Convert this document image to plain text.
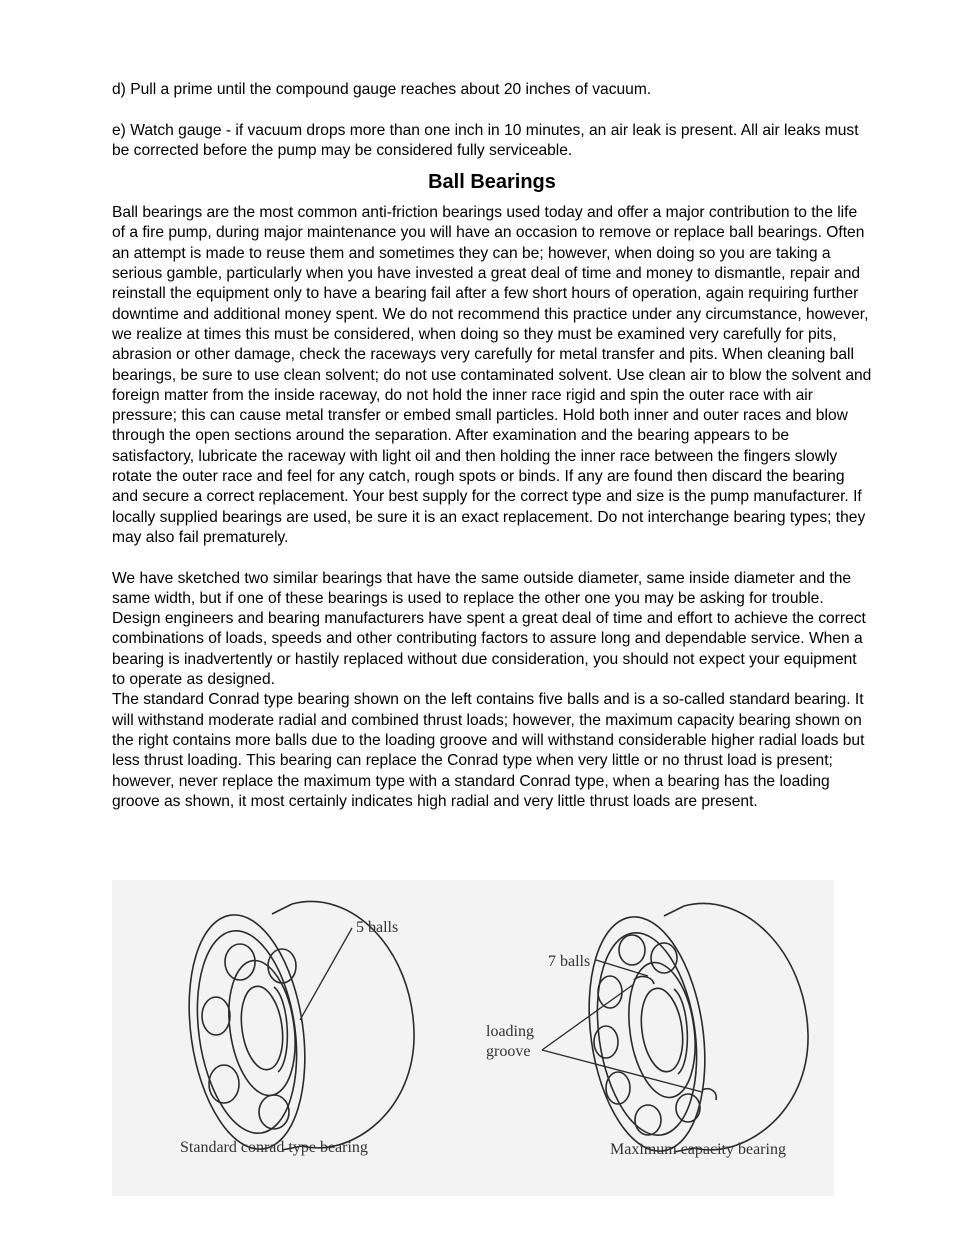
d) Pull a prime until the compound gauge reaches about 20 inches of vacuum.

e) Watch gauge - if vacuum drops more than one inch in 10 minutes, an air leak is present. All air leaks must be corrected before the pump may be considered fully serviceable.

Ball Bearings

Ball bearings are the most common anti-friction bearings used today and offer a major contribution to the life of a fire pump, during major maintenance you will have an occasion to remove or replace ball bearings. Often an attempt is made to reuse them and sometimes they can be; however, when doing so you are taking a serious gamble, particularly when you have invested a great deal of time and money to dismantle, repair and reinstall the equipment only to have a bearing fail after a few short hours of operation, again requiring further downtime and additional money spent. We do not recommend this practice under any circumstance, however, we realize at times this must be considered, when doing so they must be examined very carefully for pits, abrasion or other damage, check the raceways very carefully for metal transfer and pits. When cleaning ball bearings, be sure to use clean solvent; do not use contaminated solvent. Use clean air to blow the solvent and foreign matter from the inside raceway, do not hold the inner race rigid and spin the outer race with air pressure; this can cause metal transfer or embed small particles. Hold both inner and outer races and blow through the open sections around the separation. After examination and the bearing appears to be satisfactory, lubricate the raceway with light oil and then holding the inner race between the fingers slowly rotate the outer race and feel for any catch, rough spots or binds. If any are found then discard the bearing and secure a correct replacement. Your best supply for the correct type and size is the pump manufacturer. If locally supplied bearings are used, be sure it is an exact replacement. Do not interchange bearing types; they may also fail prematurely.

We have sketched two similar bearings that have the same outside diameter, same inside diameter and the same width, but if one of these bearings is used to replace the other one you may be asking for trouble. Design engineers and bearing manufacturers have spent a great deal of time and effort to achieve the correct combinations of loads, speeds and other contributing factors to assure long and dependable service. When a bearing is inadvertently or hastily replaced without due consideration, you should not expect your equipment to operate as designed.

The standard Conrad type bearing shown on the left contains five balls and is a so-called standard bearing. It will withstand moderate radial and combined thrust loads; however, the maximum capacity bearing shown on the right contains more balls due to the loading groove and will withstand considerable higher radial loads but less thrust loading. This bearing can replace the Conrad type when very little or no thrust load is present; however, never replace the maximum type with a standard Conrad type, when a bearing has the loading groove as shown, it most certainly indicates high radial and very little thrust loads are present.

5 balls
Standard conrad type bearing
7 balls
loading
groove
Maximum capacity bearing
